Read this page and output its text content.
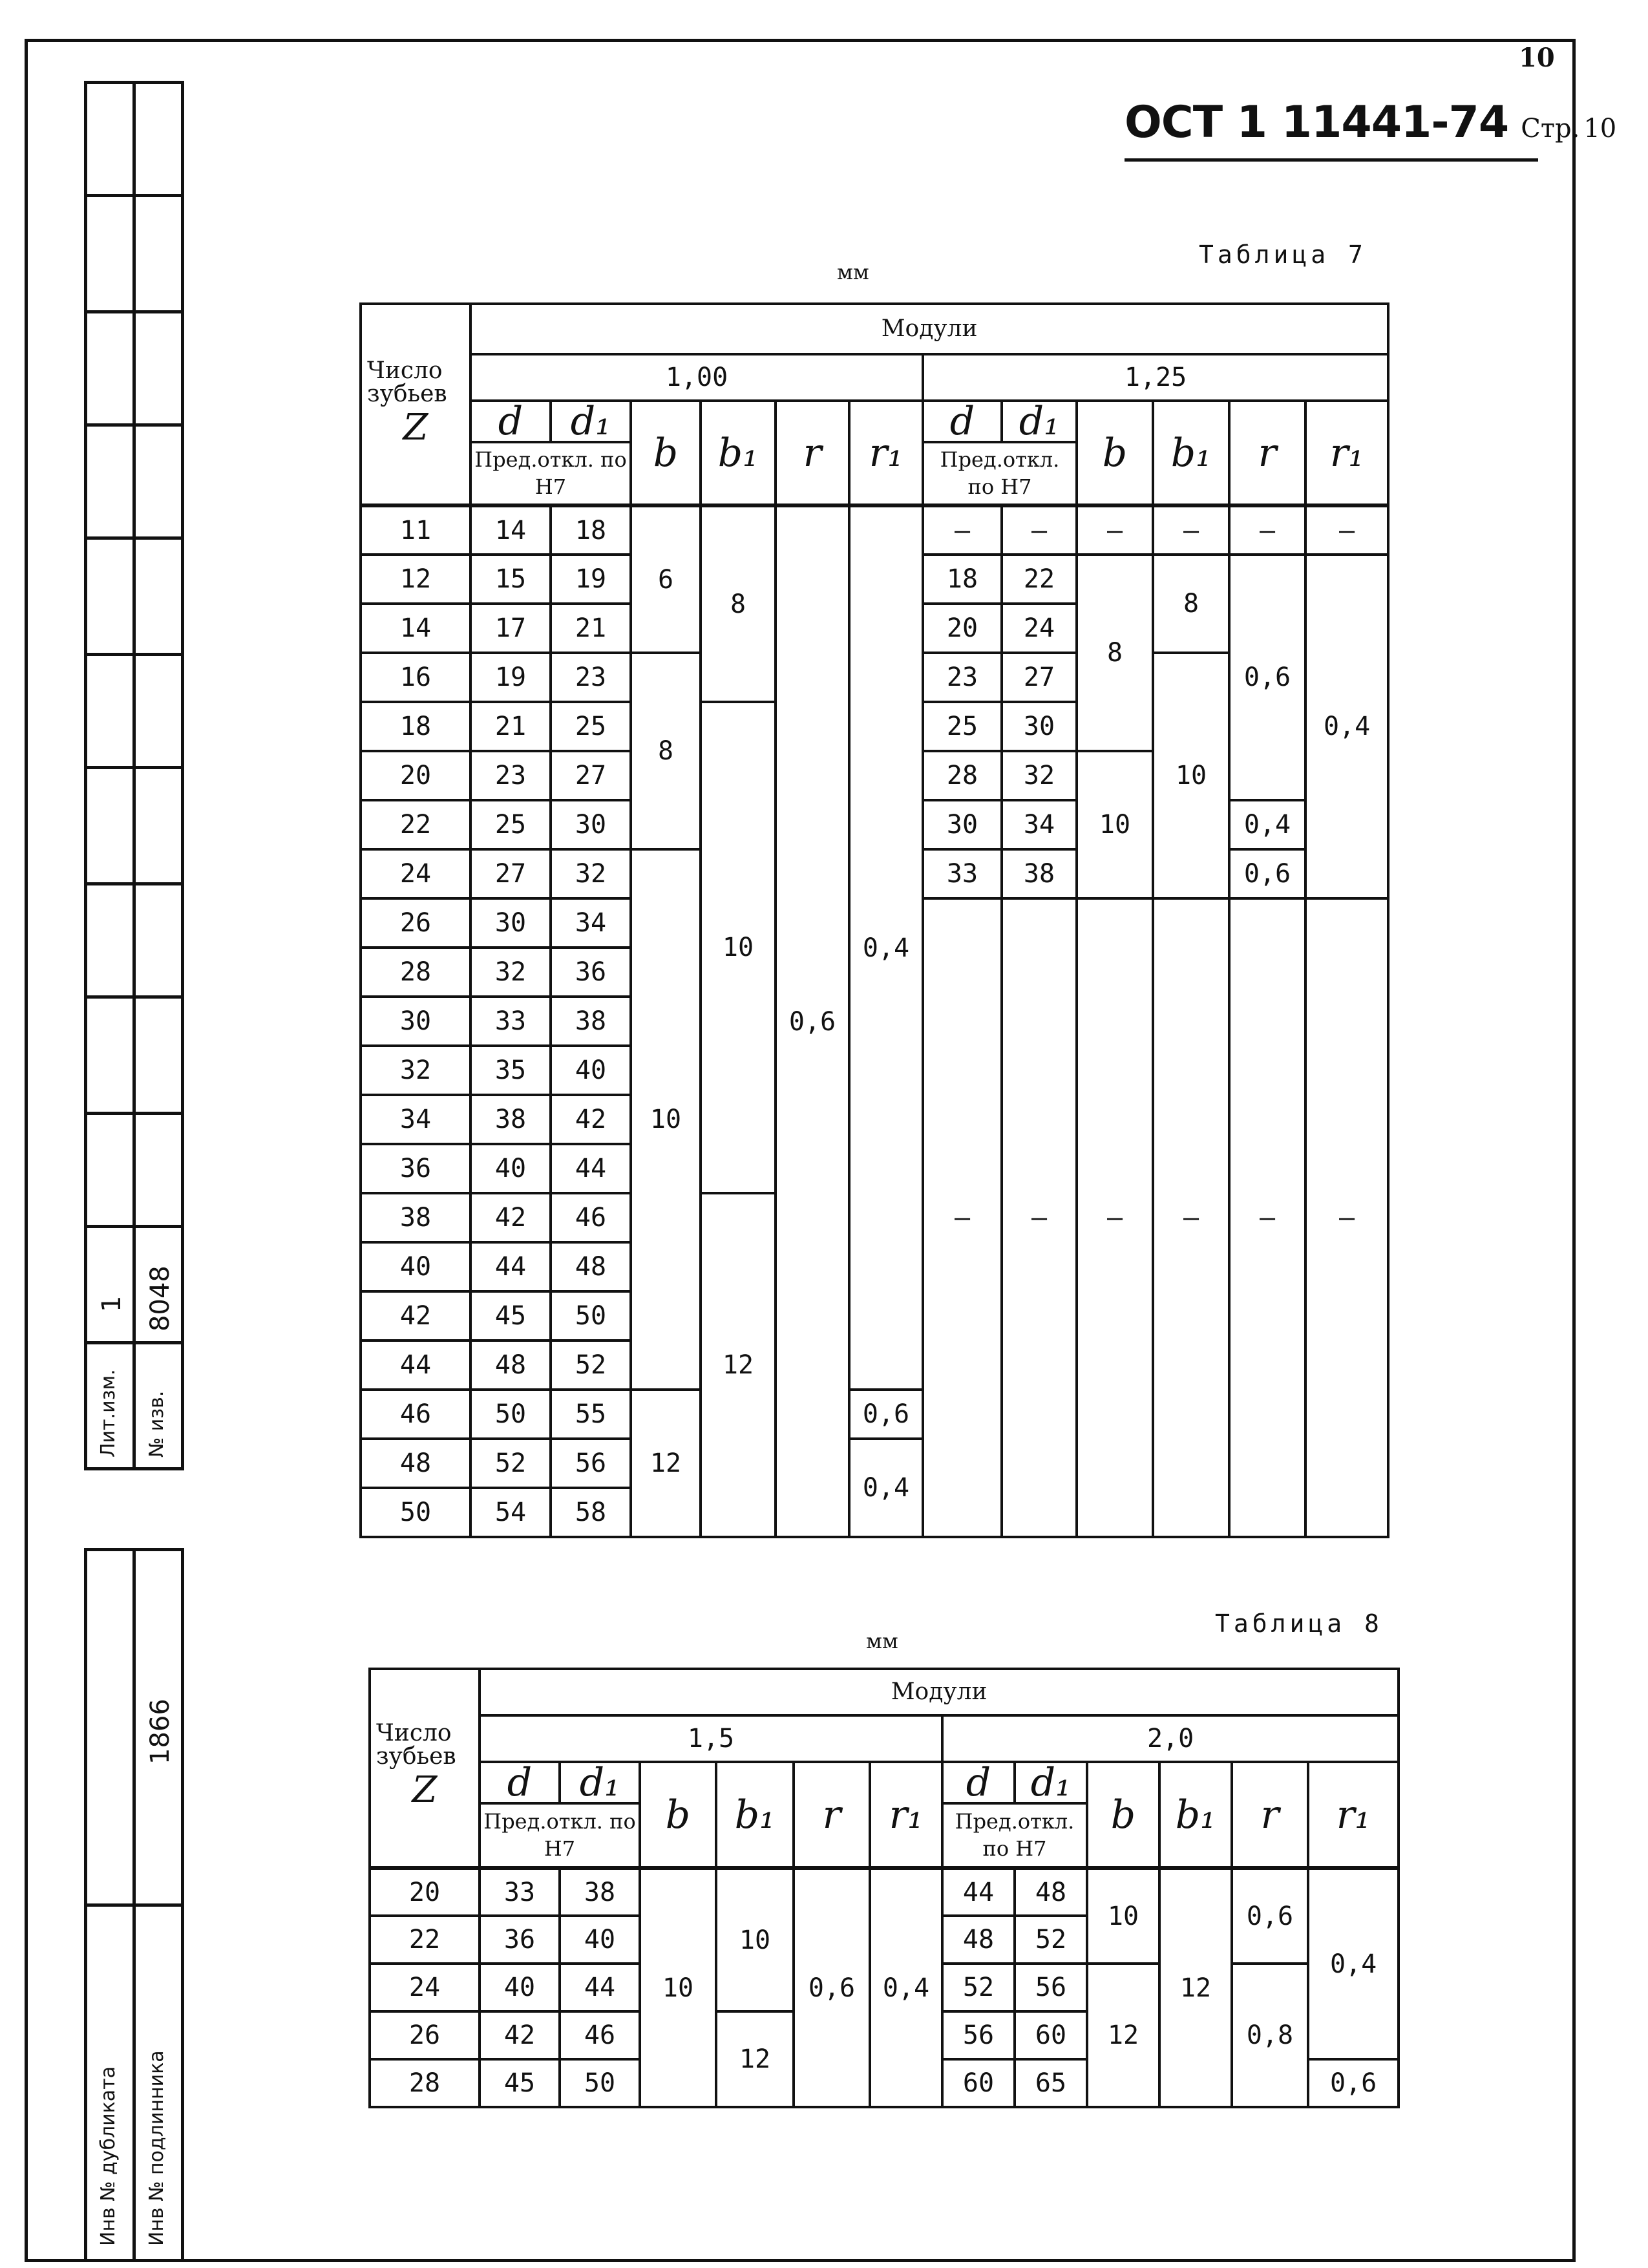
10
ОСТ 1 11441-74 Стр. 10
1 8048
Лит.изм. № изв.
1866
Инв № дубликата Инв № подлинника
Таблица 7
мм
Число зубьев
Z	Модули											
	1,00						1,25					
	d	d₁	b	b₁	r	r₁	d	d₁	b	b₁	r	r₁
	Пред.откл. по Н7						Пред.откл. по Н7					
11	14	18	6	8	0,6	0,4	–	–	–	–	–	–
12	15	19					18	22	8	8	0,6	0,4
14	17	21					20	24				
16	19	23	8				23	27		10		
18	21	25		10			25	30				
20	23	27					28	32	10			
22	25	30					30	34			0,4	
24	27	32	10				33	38			0,6	
26	30	34					–	–	–	–	–	–
28	32	36										
30	33	38										
32	35	40										
34	38	42										
36	40	44										
38	42	46		12								
40	44	48										
42	45	50										
44	48	52										
46	50	55	12			0,6						
48	52	56				0,4						
50	54	58										
Таблица 8
мм
Число зубьев
Z	Модули											
	1,5						2,0					
	d	d₁	b	b₁	r	r₁	d	d₁	b	b₁	r	r₁
	Пред.откл. по Н7						Пред.откл. по Н7					
20	33	38	10	10	0,6	0,4	44	48	10	12	0,6	0,4
22	36	40					48	52				
24	40	44					52	56	12		0,8	
26	42	46		12			56	60				
28	45	50					60	65				0,6
